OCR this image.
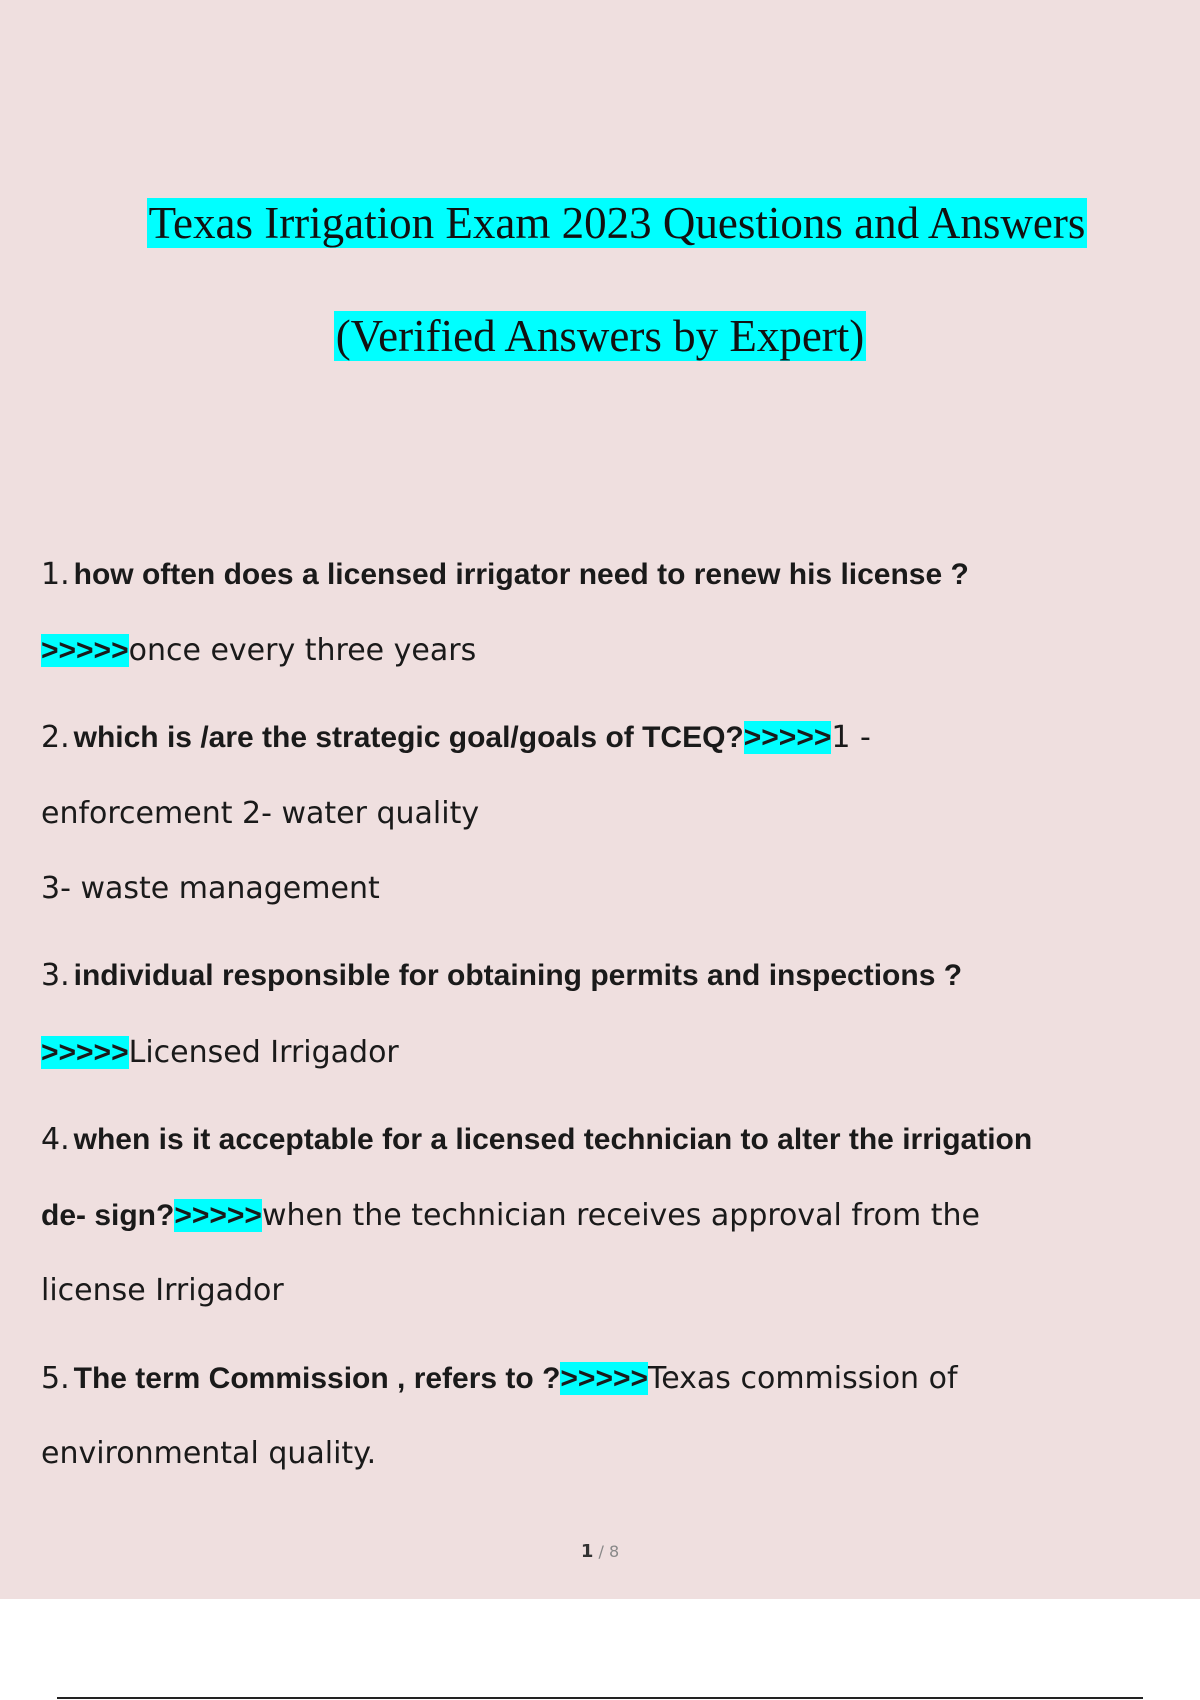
Texas Irrigation Exam 2023 Questions and Answers
(Verified Answers by Expert)
1. how often does a licensed irrigator need to renew his license ?
>>>>>once every three years
2. which is /are the strategic goal/goals of TCEQ?>>>>>1 -
enforcement 2- water quality
3- waste management
3. individual responsible for obtaining permits and inspections ?
>>>>>Licensed Irrigador
4. when is it acceptable for a licensed technician to alter the irrigation
de- sign?>>>>>when the technician receives approval from the
license Irrigador
5. The term Commission , refers to ?>>>>>Texas commission of
environmental quality.
1 / 8
